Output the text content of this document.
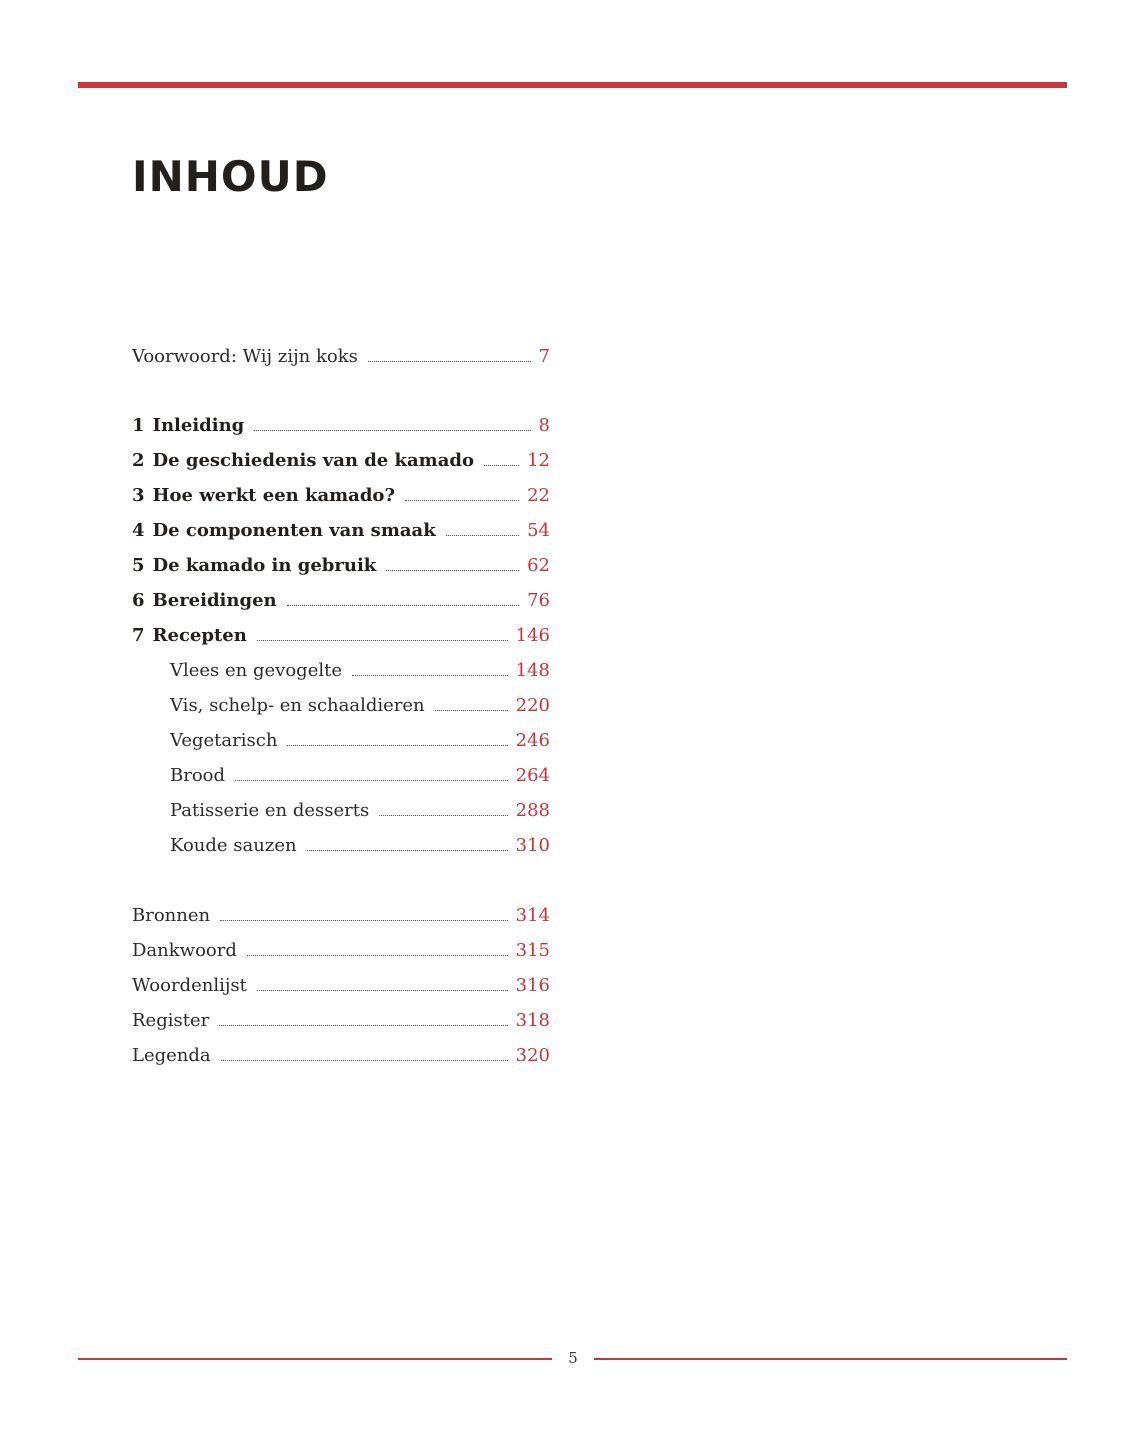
INHOUD
Voorwoord: Wij zijn koks	7
1 Inleiding	8
2 De geschiedenis van de kamado	12
3 Hoe werkt een kamado?	22
4 De componenten van smaak	54
5 De kamado in gebruik	62
6 Bereidingen	76
7 Recepten	146
Vlees en gevogelte	148
Vis, schelp- en schaaldieren	220
Vegetarisch	246
Brood	264
Patisserie en desserts	288
Koude sauzen	310
Bronnen	314
Dankwoord	315
Woordenlijst	316
Register	318
Legenda	320
5
